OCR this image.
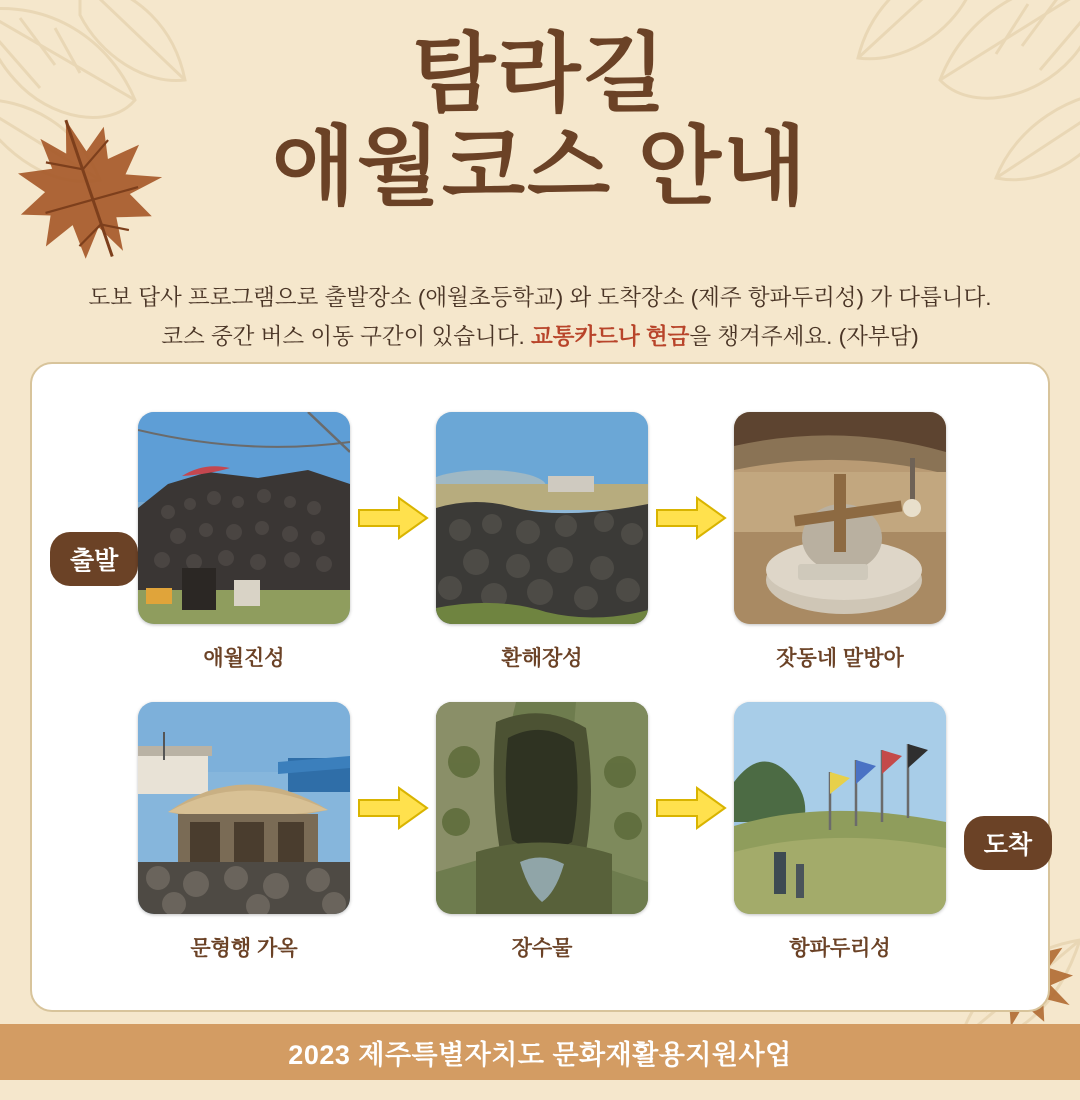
탐라길
애월코스 안내
도보 답사 프로그램으로 출발장소 (애월초등학교) 와 도착장소 (제주 항파두리성) 가 다릅니다.
코스 중간 버스 이동 구간이 있습니다. 교통카드나 현금을 챙겨주세요. (자부담)
출발
도착
애월진성	환해장성	잣동네 말방아
문형행 가옥	장수물	항파두리성
2023 제주특별자치도 문화재활용지원사업
